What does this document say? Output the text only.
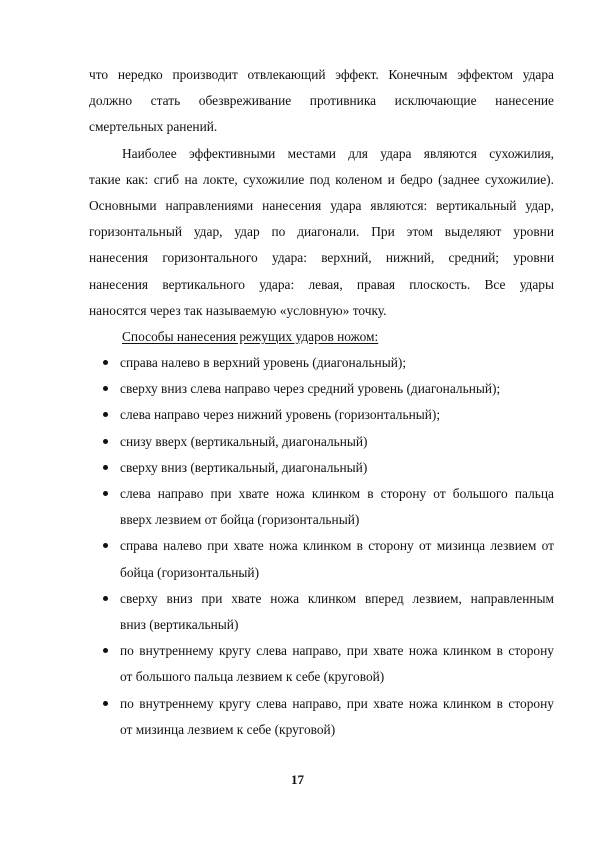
что нередко производит отвлекающий эффект. Конечным эффектом удара
должно стать обезвреживание противника исключающие нанесение
смертельных ранений.
Наиболее эффективными местами для удара являются сухожилия,
такие как: сгиб на локте, сухожилие под коленом и бедро (заднее сухожилие).
Основными направлениями нанесения удара являются: вертикальный удар,
горизонтальный удар, удар по диагонали. При этом выделяют уровни
нанесения горизонтального удара: верхний, нижний, средний; уровни
нанесения вертикального удара: левая, правая плоскость. Все удары
наносятся через так называемую «условную» точку.
Способы нанесения режущих ударов ножом:
справа налево в верхний уровень (диагональный);
сверху вниз слева направо через средний уровень (диагональный);
слева направо через нижний уровень (горизонтальный);
снизу вверх (вертикальный, диагональный)
сверху вниз (вертикальный, диагональный)
слева направо при хвате ножа клинком в сторону от большого пальца
вверх лезвием от бойца (горизонтальный)
справа налево при хвате ножа клинком в сторону от мизинца лезвием от
бойца (горизонтальный)
сверху вниз при хвате ножа клинком вперед лезвием, направленным
вниз (вертикальный)
по внутреннему кругу слева направо, при хвате ножа клинком в сторону
от большого пальца лезвием к себе (круговой)
по внутреннему кругу слева направо, при хвате ножа клинком в сторону
от мизинца лезвием к себе (круговой)
17
